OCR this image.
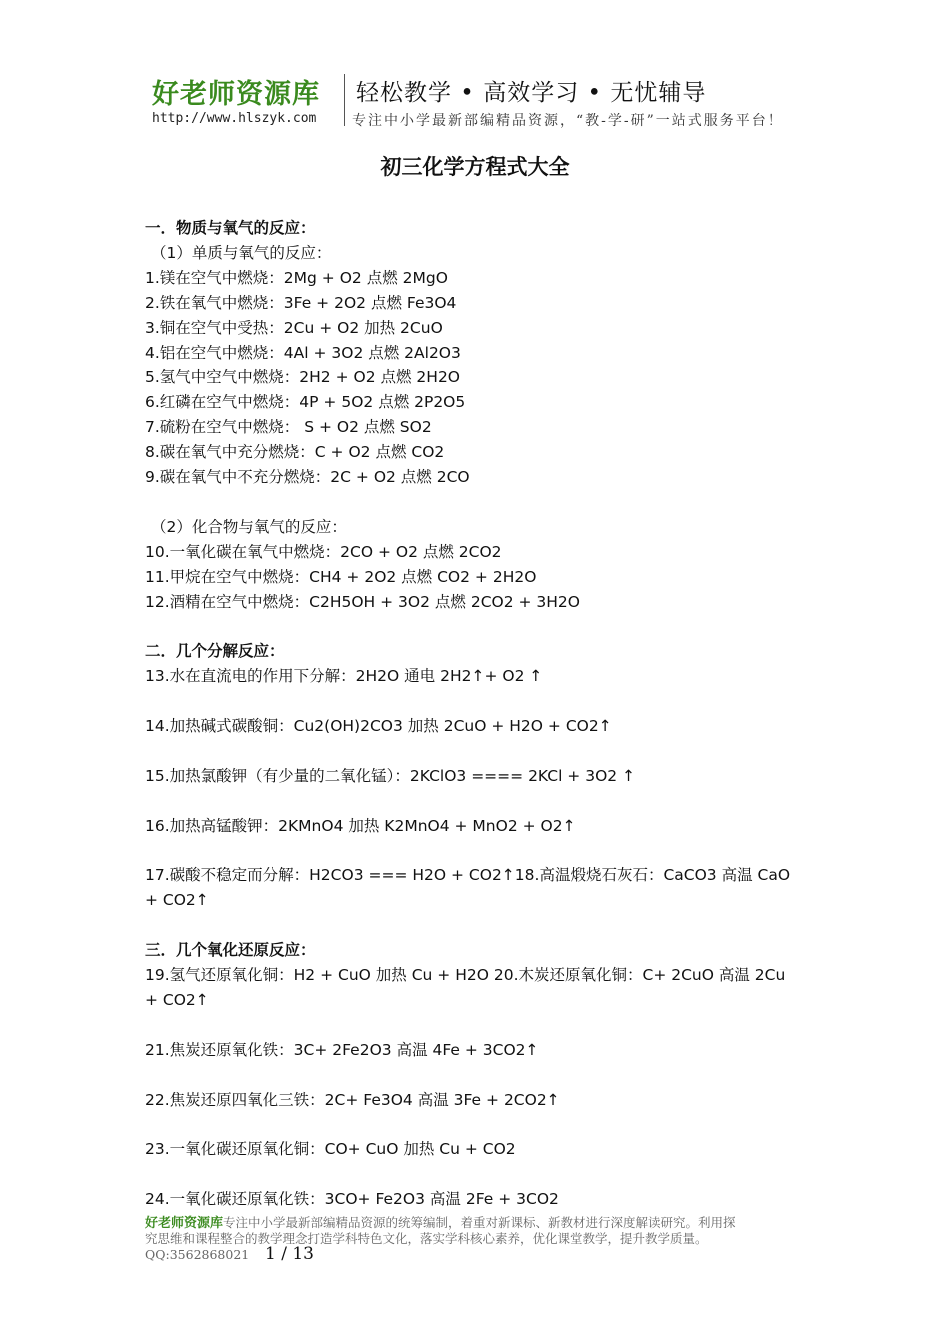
好老师资源库 轻松教学 • 高效学习 • 无忧辅导
http://www.hlszyk.com	专注中小学最新部编精品资源，“教-学-研”一站式服务平台！
初三化学方程式大全

一．物质与氧气的反应：

（1）单质与氧气的反应：

1.镁在空气中燃烧：2Mg + O2 点燃 2MgO

2.铁在氧气中燃烧：3Fe + 2O2 点燃 Fe3O4

3.铜在空气中受热：2Cu + O2 加热 2CuO

4.铝在空气中燃烧：4Al + 3O2 点燃 2Al2O3

5.氢气中空气中燃烧：2H2 + O2 点燃 2H2O

6.红磷在空气中燃烧：4P + 5O2 点燃 2P2O5

7.硫粉在空气中燃烧： S + O2 点燃 SO2

8.碳在氧气中充分燃烧：C + O2 点燃 CO2

9.碳在氧气中不充分燃烧：2C + O2 点燃 2CO

（2）化合物与氧气的反应：

10.一氧化碳在氧气中燃烧：2CO + O2 点燃 2CO2

11.甲烷在空气中燃烧：CH4 + 2O2 点燃 CO2 + 2H2O

12.酒精在空气中燃烧：C2H5OH + 3O2 点燃 2CO2 + 3H2O

二．几个分解反应：

13.水在直流电的作用下分解：2H2O 通电 2H2↑+ O2 ↑

14.加热碱式碳酸铜：Cu2(OH)2CO3 加热 2CuO + H2O + CO2↑

15.加热氯酸钾（有少量的二氧化锰）：2KClO3 ==== 2KCl + 3O2 ↑

16.加热高锰酸钾：2KMnO4 加热 K2MnO4 + MnO2 + O2↑

17.碳酸不稳定而分解：H2CO3 === H2O + CO2↑18.高温煅烧石灰石：CaCO3 高温 CaO

+ CO2↑

三．几个氧化还原反应：

19.氢气还原氧化铜：H2 + CuO 加热 Cu + H2O 20.木炭还原氧化铜：C+ 2CuO 高温 2Cu

+ CO2↑

21.焦炭还原氧化铁：3C+ 2Fe2O3 高温 4Fe + 3CO2↑

22.焦炭还原四氧化三铁：2C+ Fe3O4 高温 3Fe + 2CO2↑

23.一氧化碳还原氧化铜：CO+ CuO 加热 Cu + CO2

24.一氧化碳还原氧化铁：3CO+ Fe2O3 高温 2Fe + 3CO2

好老师资源库专注中小学最新部编精品资源的统筹编制，着重对新课标、新教材进行深度解读研究。利用探
究思维和课程整合的教学理念打造学科特色文化，落实学科核心素养，优化课堂教学，提升教学质量。
QQ:3562868021 1 / 13
